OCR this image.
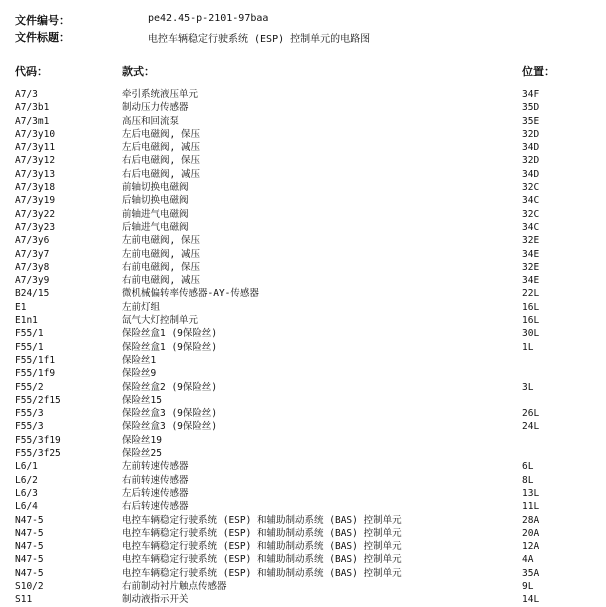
文件编号：	pe42.45-p-2101-97baa
文件标题：	电控车辆稳定行驶系统 (ESP) 控制单元的电路图
代码：	款式：	位置：
A7/3	牵引系统液压单元	34F
A7/3b1	制动压力传感器	35D
A7/3m1	高压和回流泵	35E
A7/3y10	左后电磁阀, 保压	32D
A7/3y11	左后电磁阀, 减压	34D
A7/3y12	右后电磁阀, 保压	32D
A7/3y13	右后电磁阀, 减压	34D
A7/3y18	前轴切换电磁阀	32C
A7/3y19	后轴切换电磁阀	34C
A7/3y22	前轴进气电磁阀	32C
A7/3y23	后轴进气电磁阀	34C
A7/3y6	左前电磁阀, 保压	32E
A7/3y7	左前电磁阀, 减压	34E
A7/3y8	右前电磁阀, 保压	32E
A7/3y9	右前电磁阀, 减压	34E
B24/15	微机械偏转率传感器-AY-传感器	22L
E1	左前灯组	16L
E1n1	氙气大灯控制单元	16L
F55/1	保险丝盒1 (9保险丝)	30L
F55/1	保险丝盒1 (9保险丝)	1L
F55/1f1	保险丝1
F55/1f9	保险丝9
F55/2	保险丝盒2 (9保险丝)	3L
F55/2f15	保险丝15
F55/3	保险丝盒3 (9保险丝)	26L
F55/3	保险丝盒3 (9保险丝)	24L
F55/3f19	保险丝19
F55/3f25	保险丝25
L6/1	左前转速传感器	6L
L6/2	右前转速传感器	8L
L6/3	左后转速传感器	13L
L6/4	右后转速传感器	11L
N47-5	电控车辆稳定行驶系统 (ESP) 和辅助制动系统 (BAS) 控制单元	28A
N47-5	电控车辆稳定行驶系统 (ESP) 和辅助制动系统 (BAS) 控制单元	20A
N47-5	电控车辆稳定行驶系统 (ESP) 和辅助制动系统 (BAS) 控制单元	12A
N47-5	电控车辆稳定行驶系统 (ESP) 和辅助制动系统 (BAS) 控制单元	4A
N47-5	电控车辆稳定行驶系统 (ESP) 和辅助制动系统 (BAS) 控制单元	35A
S10/2	右前制动衬片触点传感器	9L
S11	制动液指示开关	14L
